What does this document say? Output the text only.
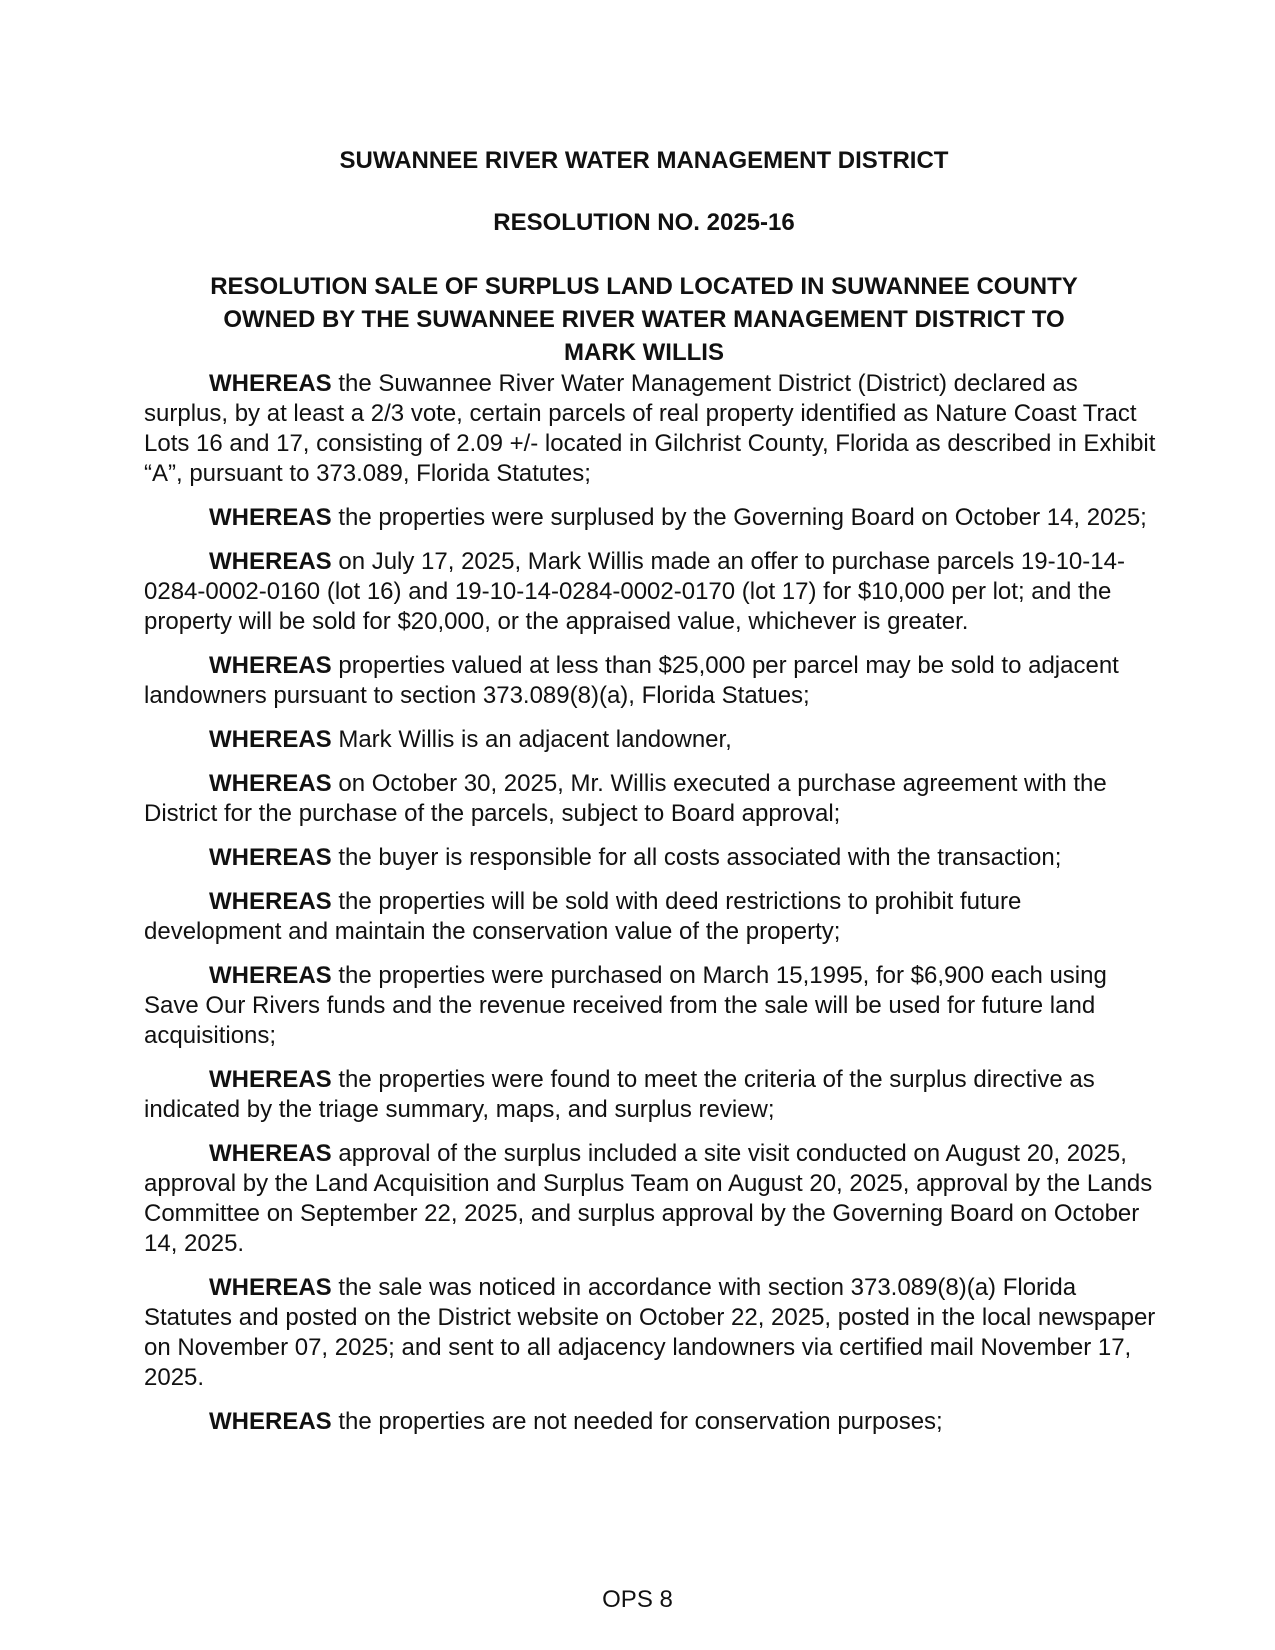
SUWANNEE RIVER WATER MANAGEMENT DISTRICT
RESOLUTION NO. 2025-16
RESOLUTION SALE OF SURPLUS LAND LOCATED IN SUWANNEE COUNTY
OWNED BY THE SUWANNEE RIVER WATER MANAGEMENT DISTRICT TO
MARK WILLIS
WHEREAS the Suwannee River Water Management District (District) declared as
surplus, by at least a 2/3 vote, certain parcels of real property identified as Nature Coast Tract
Lots 16 and 17, consisting of 2.09 +/- located in Gilchrist County, Florida as described in Exhibit
“A”, pursuant to 373.089, Florida Statutes;
WHEREAS the properties were surplused by the Governing Board on October 14, 2025;
WHEREAS on July 17, 2025, Mark Willis made an offer to purchase parcels 19-10-14-
0284-0002-0160 (lot 16) and 19-10-14-0284-0002-0170 (lot 17) for $10,000 per lot; and the
property will be sold for $20,000, or the appraised value, whichever is greater.
WHEREAS properties valued at less than $25,000 per parcel may be sold to adjacent
landowners pursuant to section 373.089(8)(a), Florida Statues;
WHEREAS Mark Willis is an adjacent landowner,
WHEREAS on October 30, 2025, Mr. Willis executed a purchase agreement with the
District for the purchase of the parcels, subject to Board approval;
WHEREAS the buyer is responsible for all costs associated with the transaction;
WHEREAS the properties will be sold with deed restrictions to prohibit future
development and maintain the conservation value of the property;
WHEREAS the properties were purchased on March 15,1995, for $6,900 each using
Save Our Rivers funds and the revenue received from the sale will be used for future land
acquisitions;
WHEREAS the properties were found to meet the criteria of the surplus directive as
indicated by the triage summary, maps, and surplus review;
WHEREAS approval of the surplus included a site visit conducted on August 20, 2025,
approval by the Land Acquisition and Surplus Team on August 20, 2025, approval by the Lands
Committee on September 22, 2025, and surplus approval by the Governing Board on October
14, 2025.
WHEREAS the sale was noticed in accordance with section 373.089(8)(a) Florida
Statutes and posted on the District website on October 22, 2025, posted in the local newspaper
on November 07, 2025; and sent to all adjacency landowners via certified mail November 17,
2025.
WHEREAS the properties are not needed for conservation purposes;
OPS 8
